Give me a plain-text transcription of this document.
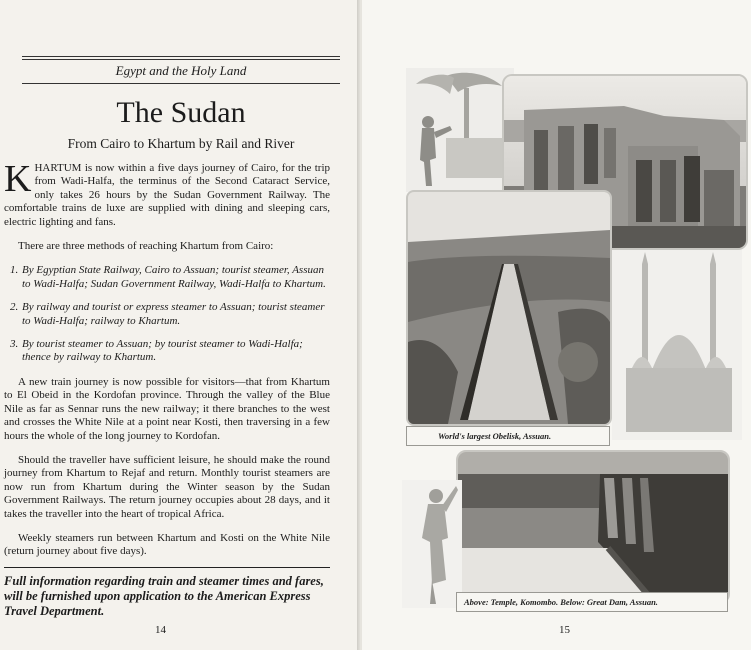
Egypt and the Holy Land
The Sudan
From Cairo to Khartum by Rail and River

KHARTUM is now within a five days journey of Cairo, for the trip from Wadi-Halfa, the terminus of the Second Cataract Service, only takes 26 hours by the Sudan Government Railway. The comfortable trains de luxe are supplied with dining and sleeping cars, electric lighting and fans.

There are three methods of reaching Khartum from Cairo:

1. By Egyptian State Railway, Cairo to Assuan; tourist steamer, Assuan to Wadi-Halfa; Sudan Government Railway, Wadi-Halfa to Khartum.
2. By railway and tourist or express steamer to Assuan; tourist steamer to Wadi-Halfa; railway to Khartum.
3. By tourist steamer to Assuan; by tourist steamer to Wadi-Halfa; thence by railway to Khartum.

A new train journey is now possible for visitors—that from Khartum to El Obeid in the Kordofan province. Through the valley of the Blue Nile as far as Sennar runs the new railway; it there branches to the west and crosses the White Nile at a point near Kosti, then traversing in a few hours the whole of the long journey to Kordofan.

Should the traveller have sufficient leisure, he should make the round journey from Khartum to Rejaf and return. Monthly tourist steamers are now run from Khartum during the Winter season by the Sudan Government Railways. The return journey occupies about 28 days, and it takes the traveller into the heart of tropical Africa.

Weekly steamers run between Khartum and Kosti on the White Nile (return journey about five days).

Full information regarding train and steamer times and fares, will be furnished upon application to the American Express Travel Department.
14
World's largest Obelisk, Assuan.
Above: Temple, Komombo. Below: Great Dam, Assuan.
15
